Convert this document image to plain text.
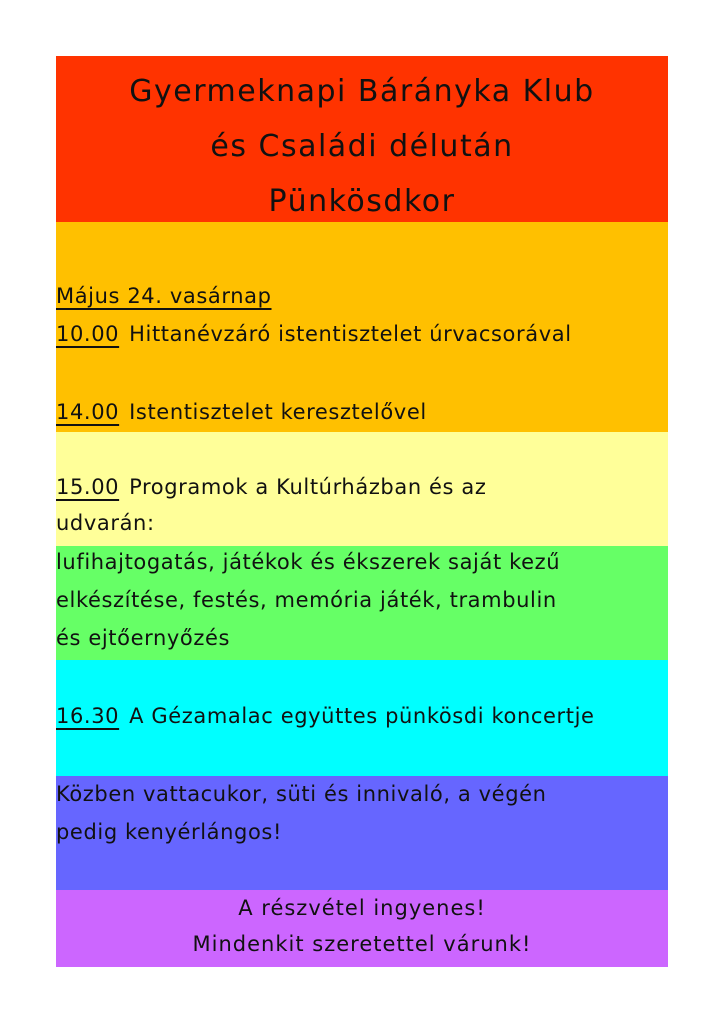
Gyermeknapi Bárányka Klub
és Családi délután
Pünkösdkor

Május 24. vasárnap

10.00 Hittanévzáró istentisztelet úrvacsorával

14.00 Istentisztelet keresztelővel

15.00 Programok a Kultúrházban és az

udvarán:

lufihajtogatás, játékok és ékszerek saját kezű

elkészítése, festés, memória játék, trambulin

és ejtőernyőzés

16.30 A Gézamalac együttes pünkösdi koncertje

Közben vattacukor, süti és innivaló, a végén

pedig kenyérlángos!

A részvétel ingyenes!

Mindenkit szeretettel várunk!
